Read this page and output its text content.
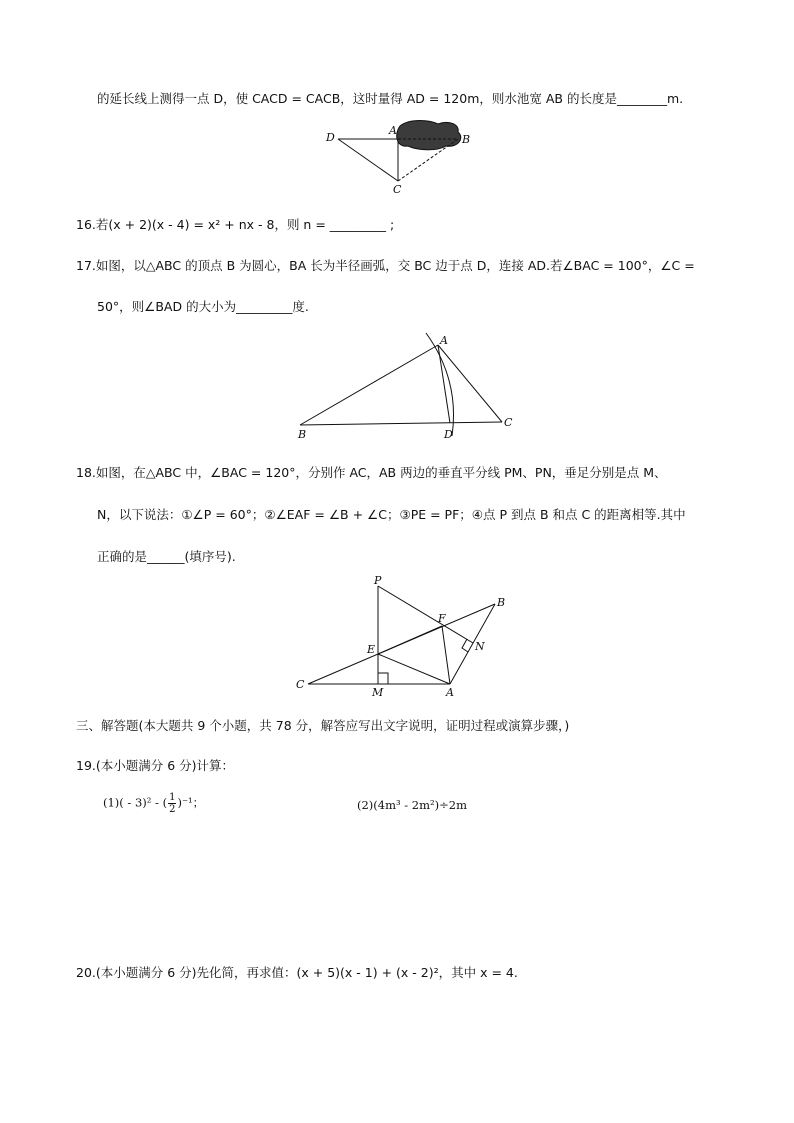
的延长线上测得一点 D，使 CACD = CACB，这时量得 AD = 120m，则水池宽 AB 的长度是________m.
D
A
B
C
16.若(x + 2)(x - 4) = x² + nx - 8，则 n = _________ ;
17.如图，以△ABC 的顶点 B 为圆心，BA 长为半径画弧，交 BC 边于点 D，连接 AD.若∠BAC = 100°，∠C =
50°，则∠BAD 的大小为_________度.
A
B	D
C
18.如图，在△ABC 中，∠BAC = 120°，分别作 AC，AB 两边的垂直平分线 PM、PN，垂足分别是点 M、
N，以下说法：①∠P = 60°；②∠EAF = ∠B + ∠C；③PE = PF；④点 P 到点 B 和点 C 的距离相等.其中
正确的是______(填序号).
P
B
F
E	N
C
M	A
三、解答题(本大题共 9 个小题，共 78 分，解答应写出文字说明，证明过程或演算步骤，)
19.(本小题满分 6 分)计算：
(1)( - 3)² - ( $\frac{1}{2} )^{-1}$；	(2)(4m³ - 2m²)÷2m
20.(本小题满分 6 分)先化简，再求值：(x + 5)(x - 1) + (x - 2)²，其中 x = 4.
